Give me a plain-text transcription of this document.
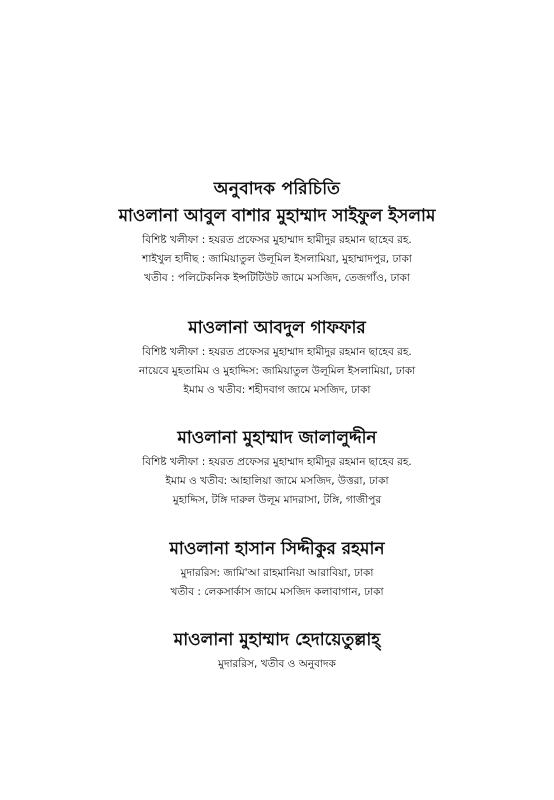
অনুবাদক পরিচিতি
মাওলানা আবুল বাশার মুহাম্মাদ সাইফুল ইসলাম
বিশিষ্ট খলীফা : হযরত প্রফেসর মুহাম্মাদ হামীদুর রহমান ছাহেব রহ.
শাইখুল হাদীছ : জামিয়াতুল উলূমিল ইসলামিয়া, মুহাম্মাদপুর, ঢাকা
খতীব : পলিটেকনিক ইন্সটিটিউট জামে মসজিদ, তেজগাঁও, ঢাকা
মাওলানা আবদুল গাফফার
বিশিষ্ট খলীফা : হযরত প্রফেসর মুহাম্মাদ হামীদুর রহমান ছাহেব রহ.
নায়েবে মুহতামিম ও মুহাদ্দিস: জামিয়াতুল উলূমিল ইসলামিয়া, ঢাকা
ইমাম ও খতীব: শহীদবাগ জামে মসজিদ, ঢাকা
মাওলানা মুহাম্মাদ জালালুদ্দীন
বিশিষ্ট খলীফা : হযরত প্রফেসর মুহাম্মাদ হামীদুর রহমান ছাহেব রহ.
ইমাম ও খতীব: আহালিয়া জামে মসজিদ, উত্তরা, ঢাকা
মুহাদ্দিস, টঙ্গি দারুল উলূম মাদরাসা, টঙ্গি, গাজীপুর
মাওলানা হাসান সিদ্দীকুর রহমান
মুদাররিস: জামি'আ রাহমানিয়া আরাবিয়া, ঢাকা
খতীব : লেকসার্কাস জামে মসজিদ কলাবাগান, ঢাকা
মাওলানা মুহাম্মাদ হেদায়েতুল্লাহ্
মুদাররিস, খতীব ও অনুবাদক
